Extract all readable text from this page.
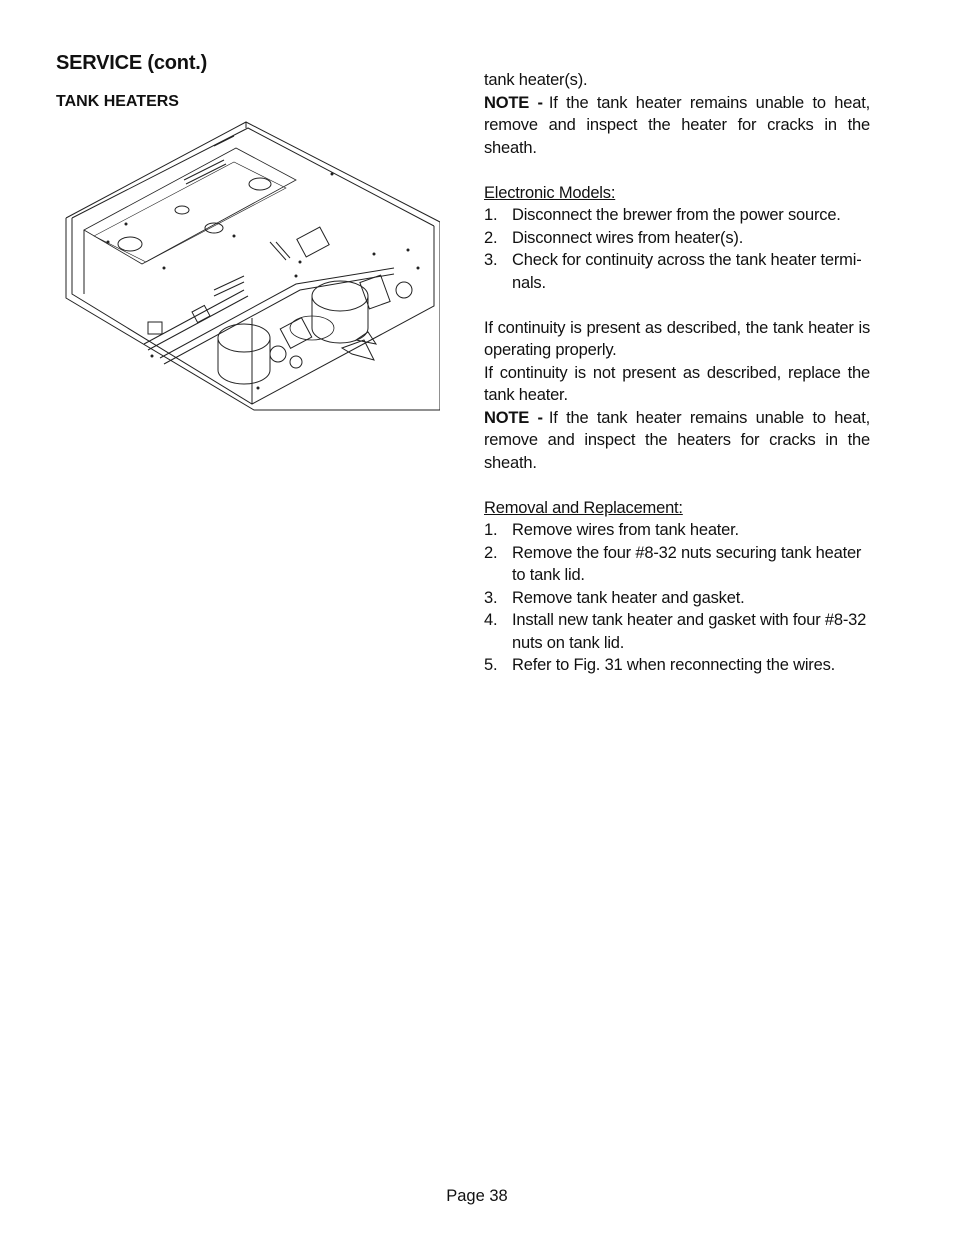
SERVICE (cont.)
TANK HEATERS

tank heater(s).

NOTE - If the tank heater remains unable to heat, remove and inspect the heater for cracks in the sheath.

Electronic Models:

1. Disconnect the brewer from the power source.
2. Disconnect wires from heater(s).
3. Check for continuity across the tank heater termi-nals.

If continuity is present as described, the tank heater is operating properly.

If continuity is not present as described, replace the tank heater.

NOTE - If the tank heater remains unable to heat, remove and inspect the heaters for cracks in the sheath.

Removal and Replacement:

1. Remove wires from tank heater.
2. Remove the four #8-32 nuts securing tank heater to tank lid.
3. Remove tank heater and gasket.
4. Install new tank heater and gasket with four #8-32 nuts on tank lid.
5. Refer to Fig. 31 when reconnecting the wires.
Page 38
